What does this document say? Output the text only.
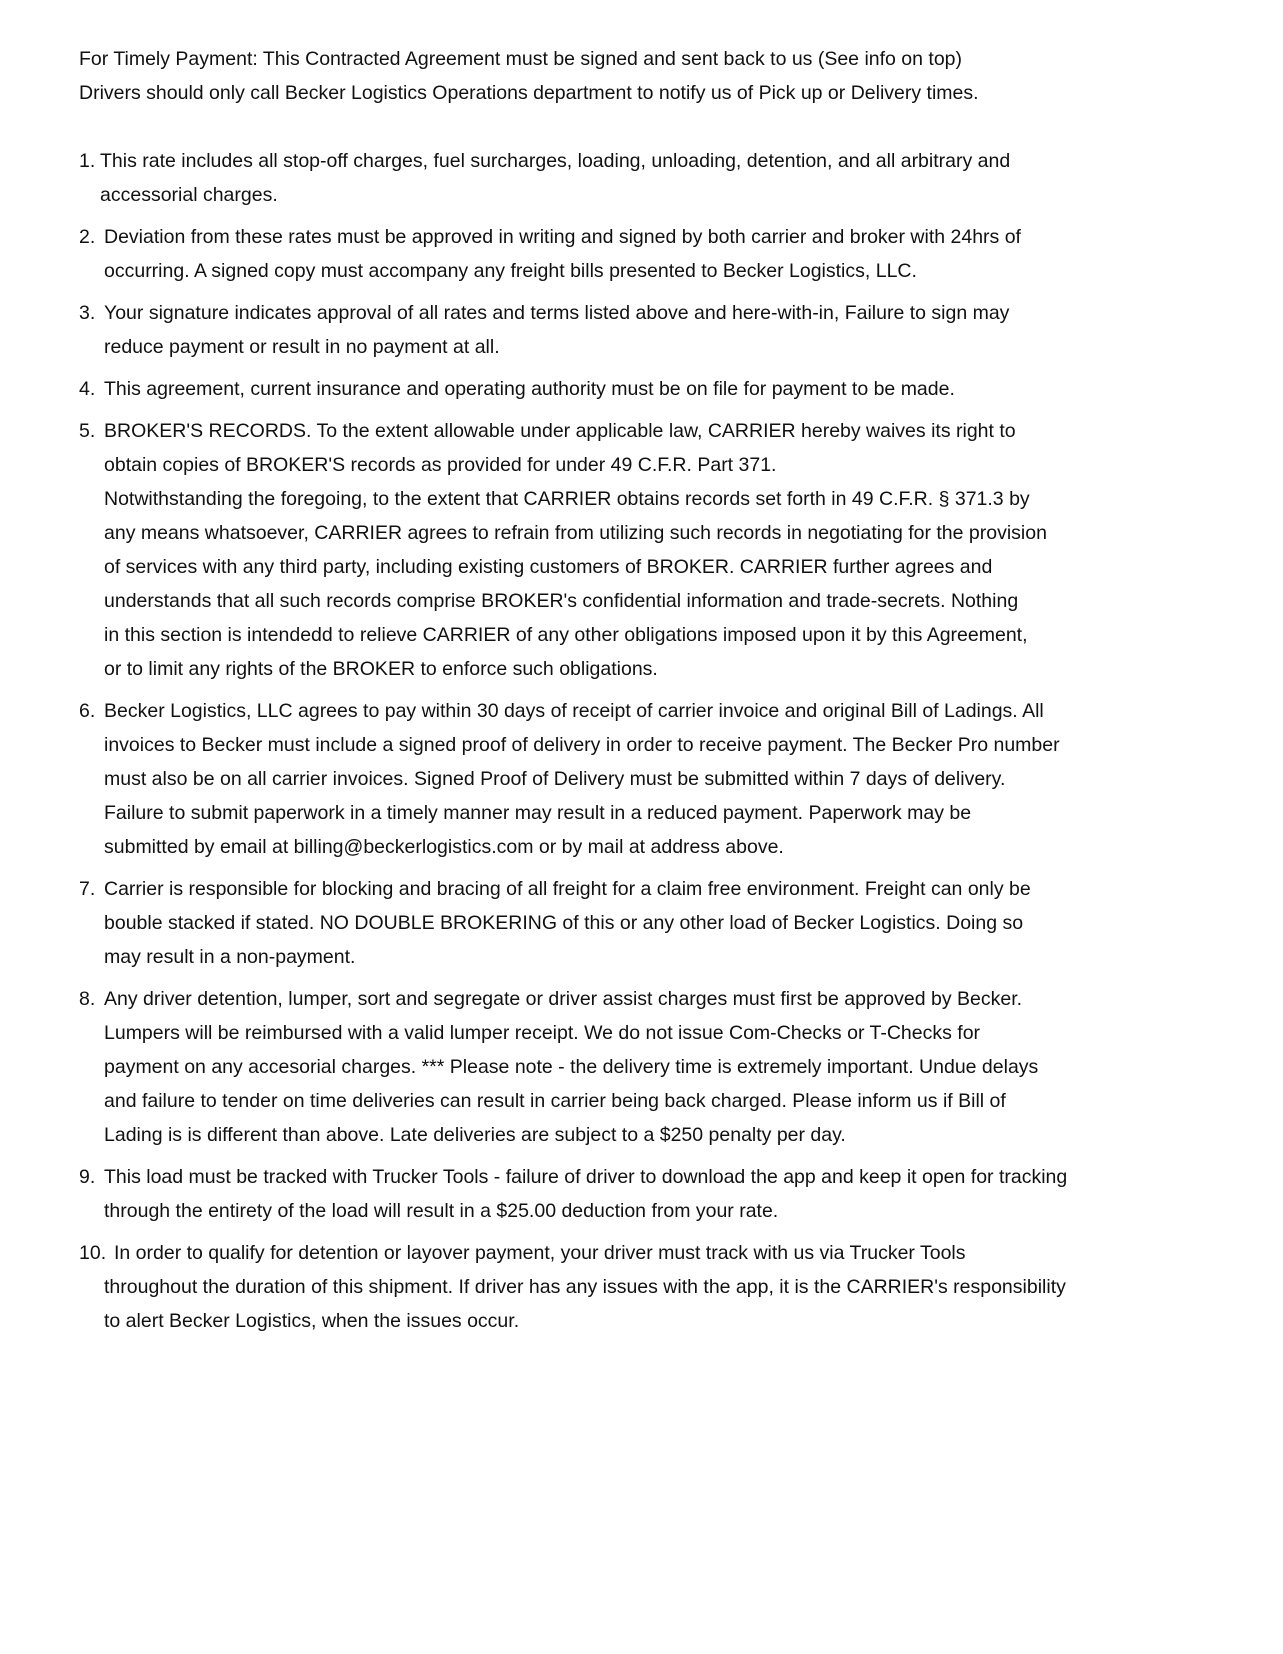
For Timely Payment: This Contracted Agreement must be signed and sent back to us (See info on top)
Drivers should only call Becker Logistics Operations department to notify us of Pick up or Delivery times.
1. This rate includes all stop-off charges, fuel surcharges, loading, unloading, detention, and all arbitrary and
accessorial charges.
2. Deviation from these rates must be approved in writing and signed by both carrier and broker with 24hrs of
occurring. A signed copy must accompany any freight bills presented to Becker Logistics, LLC.
3. Your signature indicates approval of all rates and terms listed above and here-with-in, Failure to sign may
reduce payment or result in no payment at all.
4. This agreement, current insurance and operating authority must be on file for payment to be made.
5. BROKER'S RECORDS. To the extent allowable under applicable law, CARRIER hereby waives its right to
obtain copies of BROKER'S records as provided for under 49 C.F.R. Part 371.
Notwithstanding the foregoing, to the extent that CARRIER obtains records set forth in 49 C.F.R. § 371.3 by
any means whatsoever, CARRIER agrees to refrain from utilizing such records in negotiating for the provision
of services with any third party, including existing customers of BROKER. CARRIER further agrees and
understands that all such records comprise BROKER's confidential information and trade-secrets. Nothing
in this section is intendedd to relieve CARRIER of any other obligations imposed upon it by this Agreement,
or to limit any rights of the BROKER to enforce such obligations.
6. Becker Logistics, LLC agrees to pay within 30 days of receipt of carrier invoice and original Bill of Ladings. All
invoices to Becker must include a signed proof of delivery in order to receive payment. The Becker Pro number
must also be on all carrier invoices. Signed Proof of Delivery must be submitted within 7 days of delivery.
Failure to submit paperwork in a timely manner may result in a reduced payment. Paperwork may be
submitted by email at billing@beckerlogistics.com or by mail at address above.
7. Carrier is responsible for blocking and bracing of all freight for a claim free environment. Freight can only be
bouble stacked if stated. NO DOUBLE BROKERING of this or any other load of Becker Logistics. Doing so
may result in a non-payment.
8. Any driver detention, lumper, sort and segregate or driver assist charges must first be approved by Becker.
Lumpers will be reimbursed with a valid lumper receipt. We do not issue Com-Checks or T-Checks for
payment on any accesorial charges. *** Please note - the delivery time is extremely important. Undue delays
and failure to tender on time deliveries can result in carrier being back charged. Please inform us if Bill of
Lading is is different than above. Late deliveries are subject to a $250 penalty per day.
9. This load must be tracked with Trucker Tools - failure of driver to download the app and keep it open for tracking
through the entirety of the load will result in a $25.00 deduction from your rate.
10. In order to qualify for detention or layover payment, your driver must track with us via Trucker Tools
throughout the duration of this shipment. If driver has any issues with the app, it is the CARRIER's responsibility
to alert Becker Logistics, when the issues occur.
